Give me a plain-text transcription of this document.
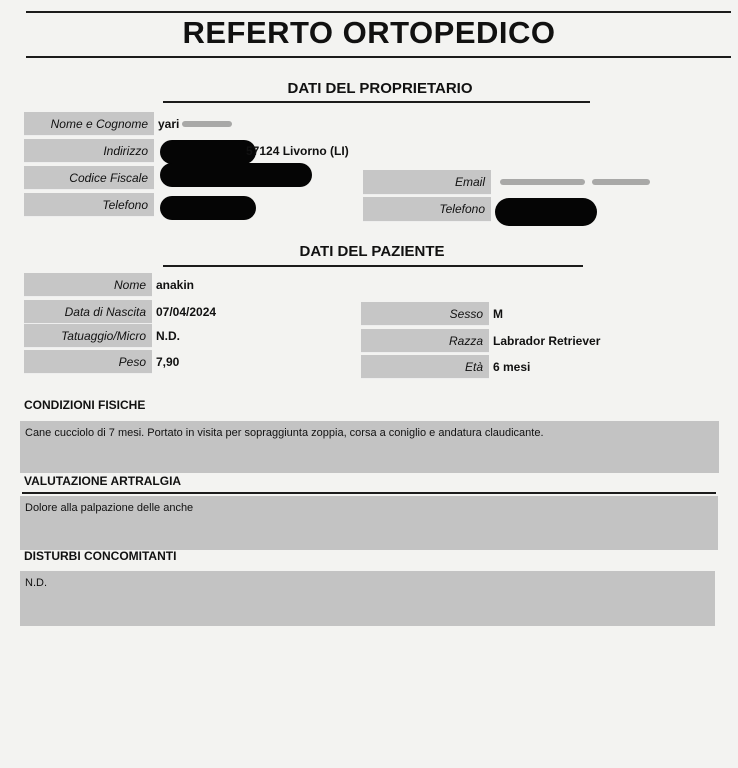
REFERTO ORTOPEDICO
DATI DEL PROPRIETARIO
Nome e Cognome yari
Indirizzo	57124 Livorno (LI)
Codice Fiscale
Telefono
Email
Telefono
DATI DEL PAZIENTE
Nome anakin
Data di Nascita 07/04/2024
Tatuaggio/Micro N.D.
Peso 7,90
Sesso M
Razza Labrador Retriever
Età 6 mesi
CONDIZIONI FISICHE
Cane cucciolo di 7 mesi. Portato in visita per sopraggiunta zoppia, corsa a coniglio e andatura claudicante.
VALUTAZIONE ARTRALGIA
Dolore alla palpazione delle anche
DISTURBI CONCOMITANTI
N.D.
